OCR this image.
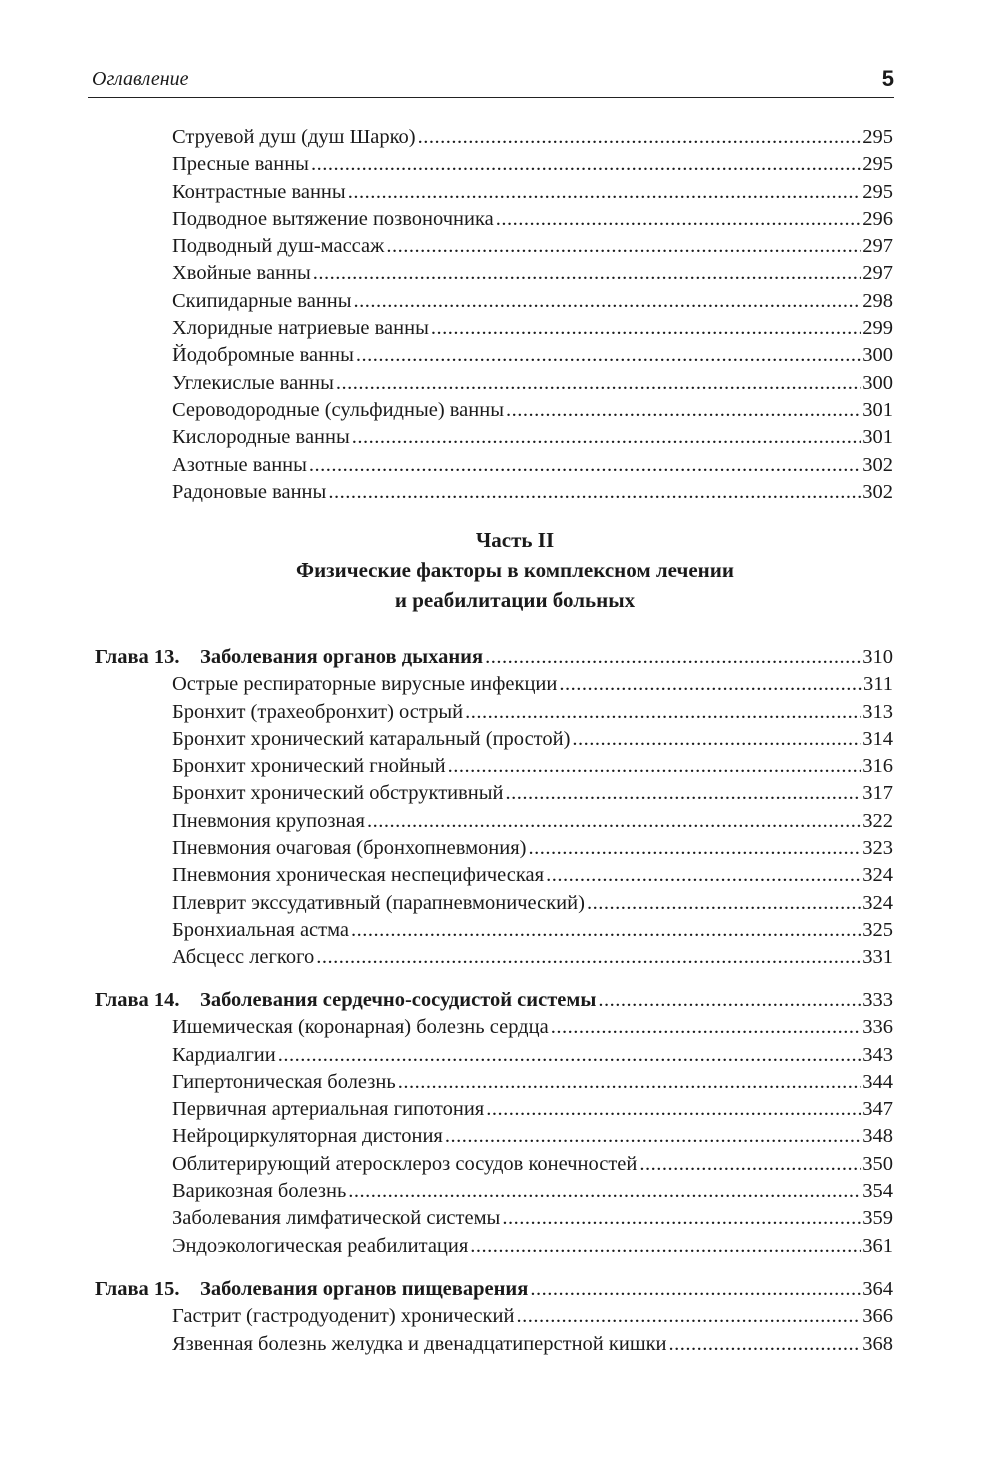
Оглавление	5
Струевой душ (душ Шарко) .....	295
Пресные ванны .....	295
Контрастные ванны .....	295
Подводное вытяжение позвоночника .....	296
Подводный душ-массаж .....	297
Хвойные ванны .....	297
Скипидарные ванны .....	298
Хлоридные натриевые ванны .....	299
Йодобромные ванны .....	300
Углекислые ванны .....	300
Сероводородные (сульфидные) ванны .....	301
Кислородные ванны .....	301
Азотные ванны .....	302
Радоновые ванны .....	302
Часть II
Физические факторы в комплексном лечении
и реабилитации больных
Глава 13. Заболевания органов дыхания .....	310
Острые респираторные вирусные инфекции .....	311
Бронхит (трахеобронхит) острый .....	313
Бронхит хронический катаральный (простой) .....	314
Бронхит хронический гнойный .....	316
Бронхит хронический обструктивный .....	317
Пневмония крупозная .....	322
Пневмония очаговая (бронхопневмония) .....	323
Пневмония хроническая неспецифическая .....	324
Плеврит экссудативный (парапневмонический) .....	324
Бронхиальная астма .....	325
Абсцесс легкого .....	331
Глава 14. Заболевания сердечно-сосудистой системы .....	333
Ишемическая (коронарная) болезнь сердца .....	336
Кардиалгии .....	343
Гипертоническая болезнь .....	344
Первичная артериальная гипотония .....	347
Нейроциркуляторная дистония .....	348
Облитерирующий атеросклероз сосудов конечностей .....	350
Варикозная болезнь .....	354
Заболевания лимфатической системы .....	359
Эндоэкологическая реабилитация .....	361
Глава 15. Заболевания органов пищеварения .....	364
Гастрит (гастродуоденит) хронический .....	366
Язвенная болезнь желудка и двенадцатиперстной кишки .....	368
